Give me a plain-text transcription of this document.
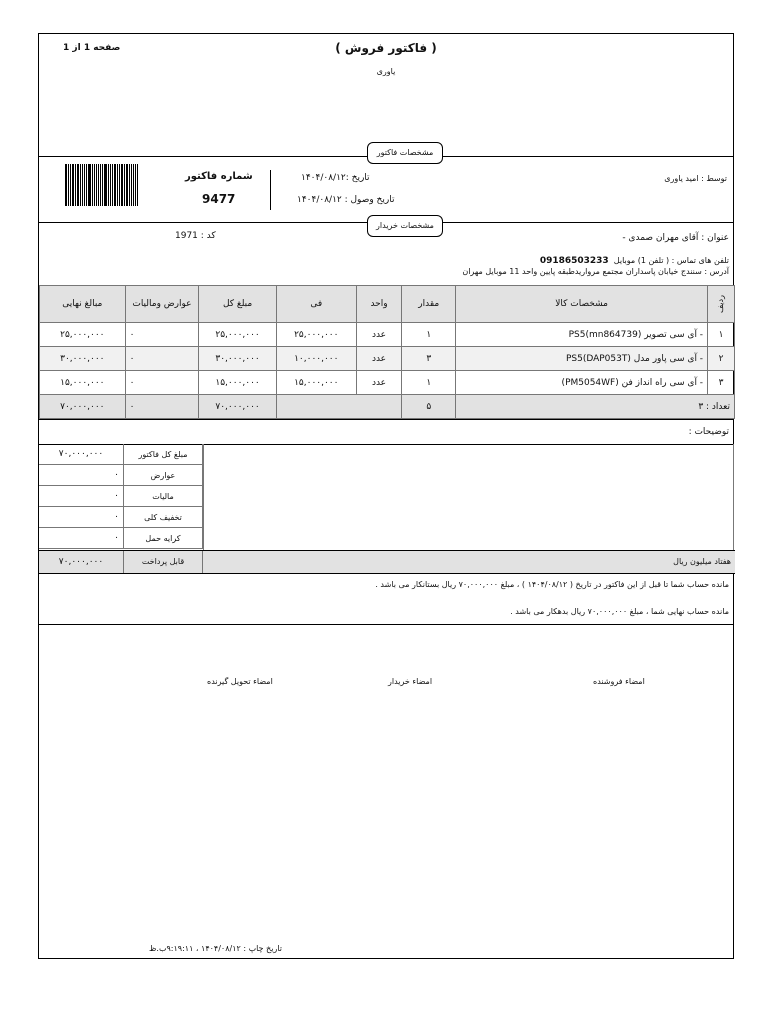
صفحه 1 از 1	( فاکتور فروش )
یاوری
مشخصات فاکتور
توسط : امید یاوری
تاریخ :۱۴۰۴/۰۸/۱۲
تاریخ وصول : ۱۴۰۴/۰۸/۱۲
شماره فاکتور
9477
مشخصات خریدار
عنوان : آقای مهران صمدی -
کد : 1971
تلفن های تماس : ( تلفن 1) موبایل 09186503233
آدرس : سنندج خیابان پاسداران مجتمع مرواریدطبقه پایین واحد 11 موبایل مهران
ردیف	مشخصات کالا	مقدار	واحد	فی	مبلغ کل	عوارض وماليات	مبالغ نهایی
۱	- آی سی تصویر (PS5(mn864739	۱	عدد	۲۵,۰۰۰,۰۰۰	۲۵,۰۰۰,۰۰۰	۰	۲۵,۰۰۰,۰۰۰
۲	- آی سی پاور مدل (PS5(DAP053T	۳	عدد	۱۰,۰۰۰,۰۰۰	۳۰,۰۰۰,۰۰۰	۰	۳۰,۰۰۰,۰۰۰
۳	- آی سی راه انداز فن (PM5054WF)	۱	عدد	۱۵,۰۰۰,۰۰۰	۱۵,۰۰۰,۰۰۰	۰	۱۵,۰۰۰,۰۰۰
تعداد : ۳		۵			۷۰,۰۰۰,۰۰۰	۰	۷۰,۰۰۰,۰۰۰
توضیحات :
۷۰,۰۰۰,۰۰۰	مبلغ کل فاکتور
۰	عوارض
۰	ماليات
۰	تخفیف کلی
۰	کرایه حمل
۷۰,۰۰۰,۰۰۰	قابل پرداخت	هفتاد میلیون ریال
مانده حساب شما تا قبل از این فاکتور در تاریخ ( ۱۴۰۴/۰۸/۱۲ ) ، مبلغ ۷۰,۰۰۰,۰۰۰ ریال بستانکار می باشد .
مانده حساب نهایی شما ، مبلغ ۷۰,۰۰۰,۰۰۰ ریال بدهکار می باشد .
امضاء فروشنده
امضاء خریدار
امضاء تحویل گیرنده
تاریخ چاپ : ۱۴۰۴/۰۸/۱۲ ، ۹:۱۹:۱۱ب.ظ
